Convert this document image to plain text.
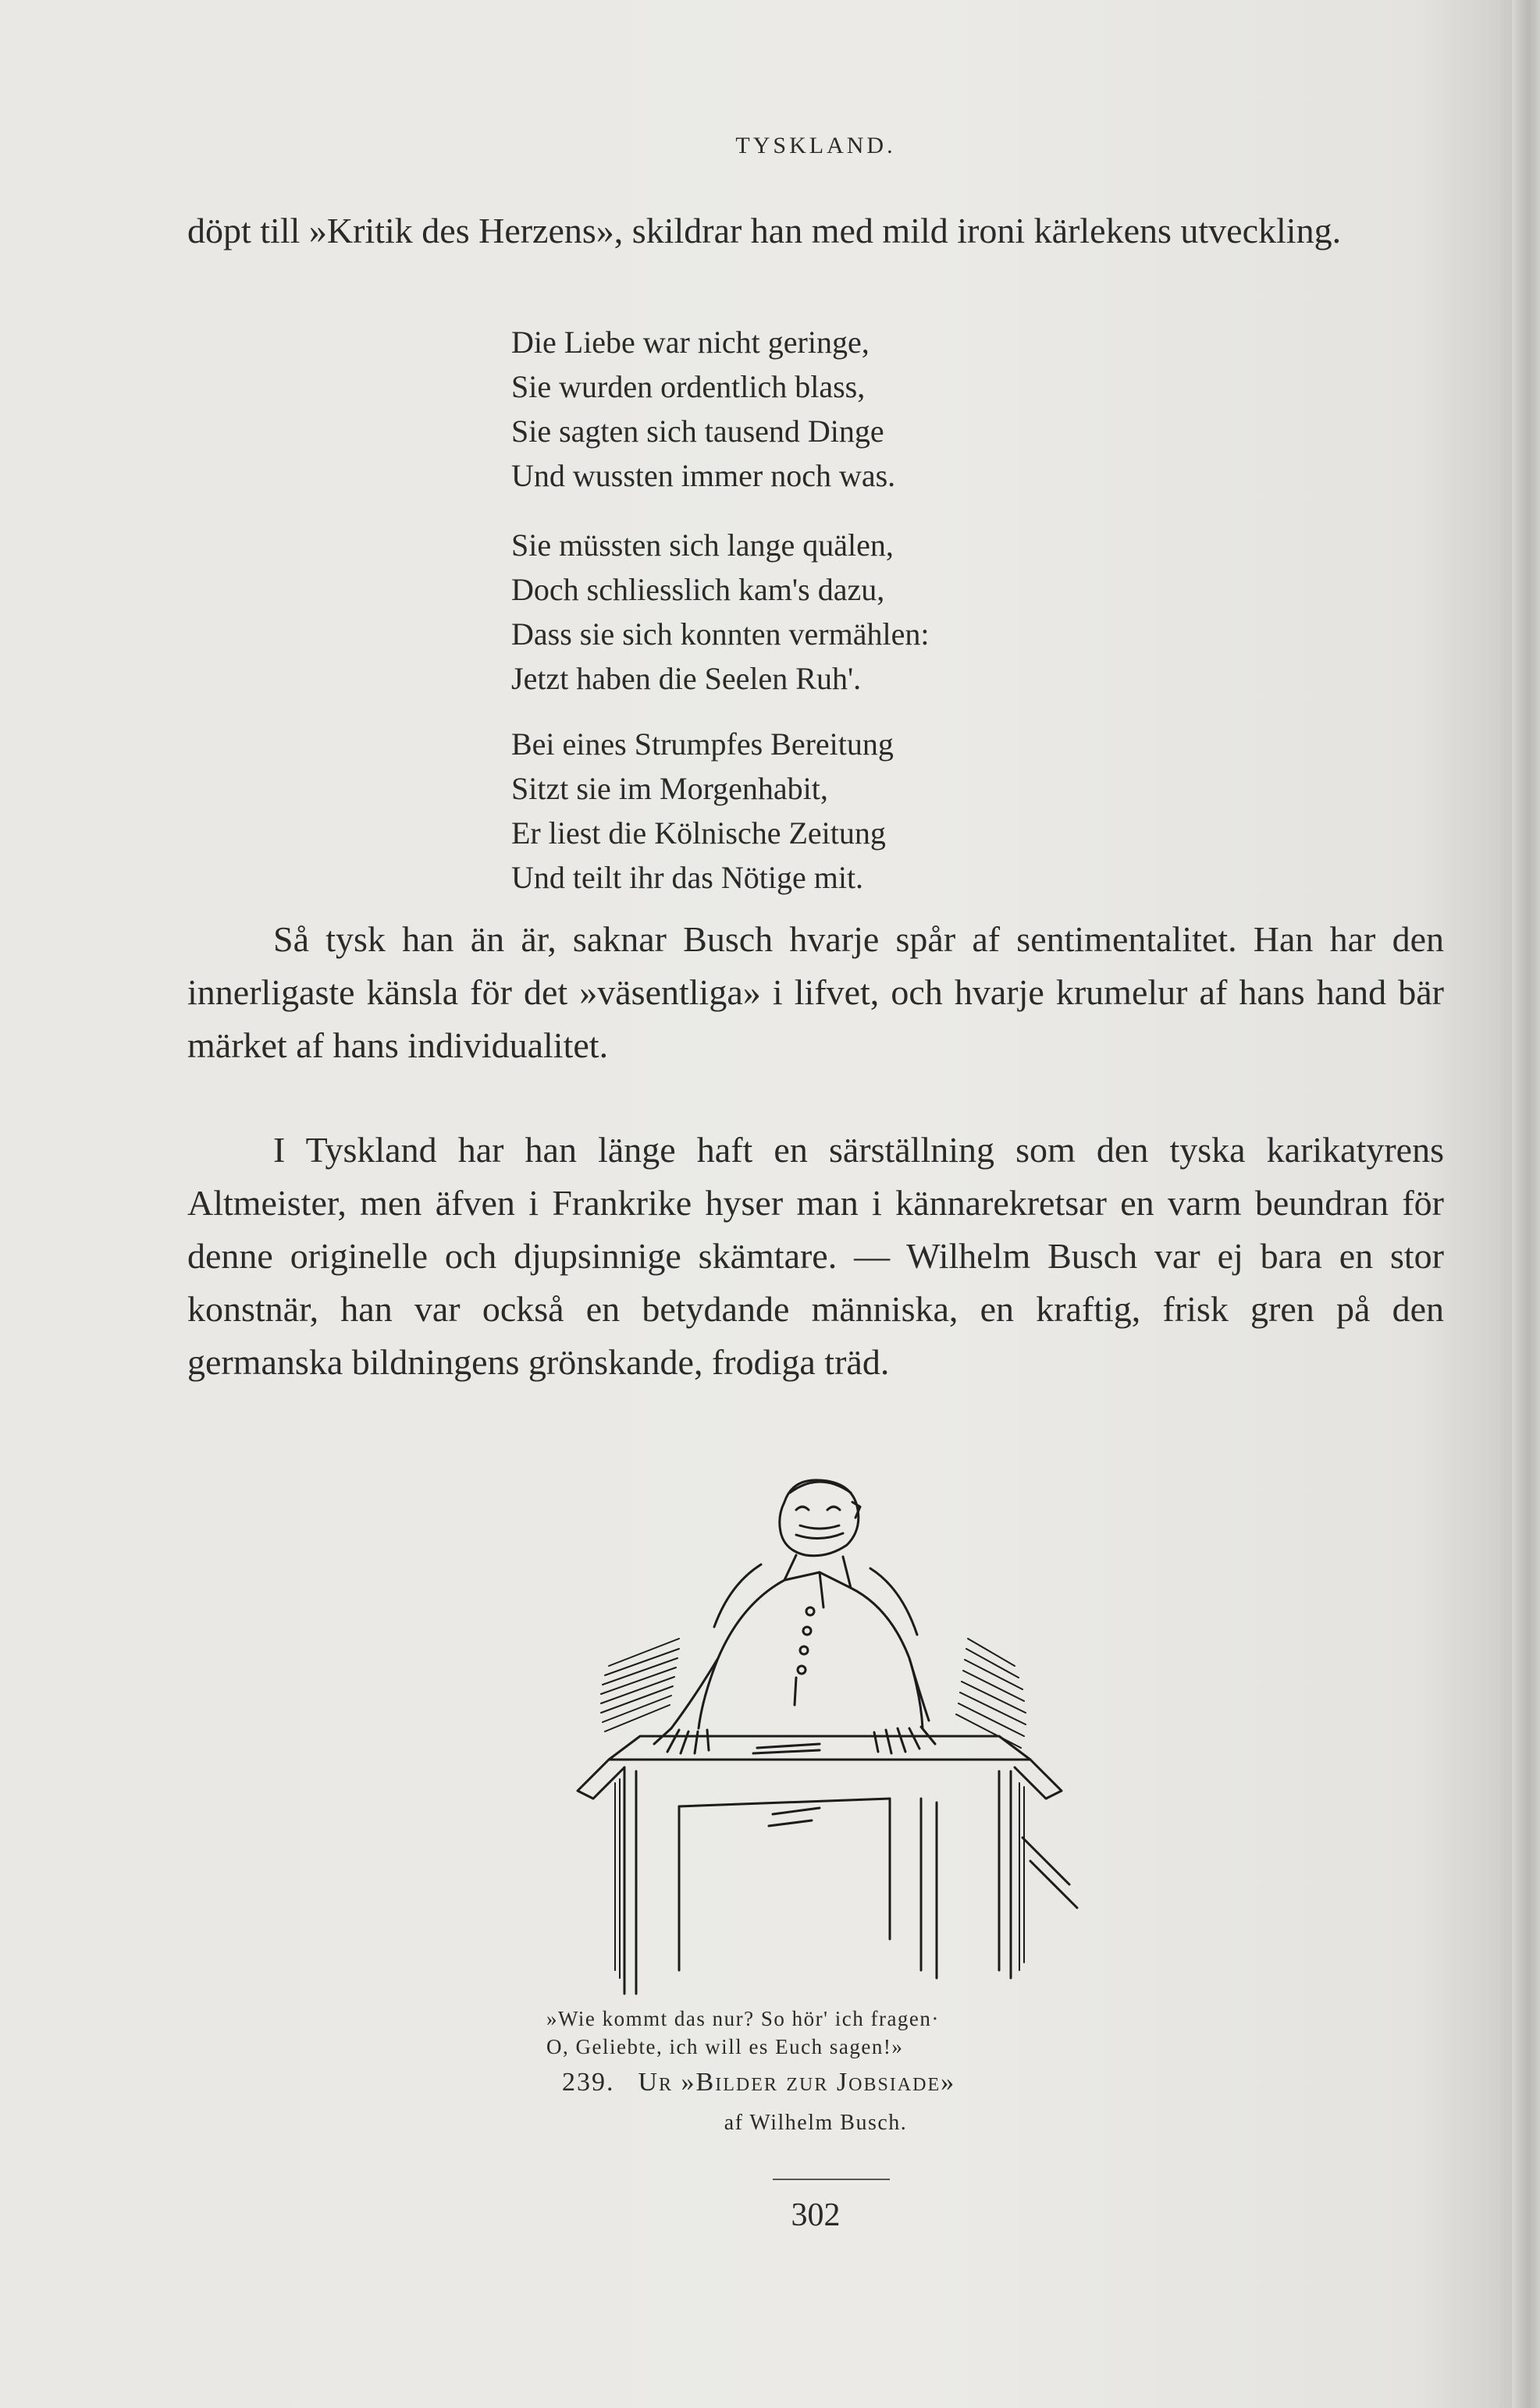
TYSKLAND.

döpt till »Kritik des Herzens», skildrar han med mild ironi kärlekens utveckling.

Die Liebe war nicht geringe,
Sie wurden ordentlich blass,
Sie sagten sich tausend Dinge
Und wussten immer noch was.
Sie müssten sich lange quälen,
Doch schliesslich kam's dazu,
Dass sie sich konnten vermählen:
Jetzt haben die Seelen Ruh'.
Bei eines Strumpfes Bereitung
Sitzt sie im Morgenhabit,
Er liest die Kölnische Zeitung
Und teilt ihr das Nötige mit.

Så tysk han än är, saknar Busch hvarje spår af sentimentalitet. Han har den innerligaste känsla för det »väsentliga» i lifvet, och hvarje krumelur af hans hand bär märket af hans individualitet.

I Tyskland har han länge haft en särställning som den tyska karikatyrens Altmeister, men äfven i Frankrike hyser man i kännarekretsar en varm beundran för denne originelle och djupsinnige skämtare. — Wilhelm Busch var ej bara en stor konstnär, han var också en betydande människa, en kraftig, frisk gren på den germanska bildningens grönskande, frodiga träd.

»Wie kommt das nur? So hör' ich fragen·
O, Geliebte, ich will es Euch sagen!»
239. Ur »Bilder zur Jobsiade»
af Wilhelm Busch.
302
